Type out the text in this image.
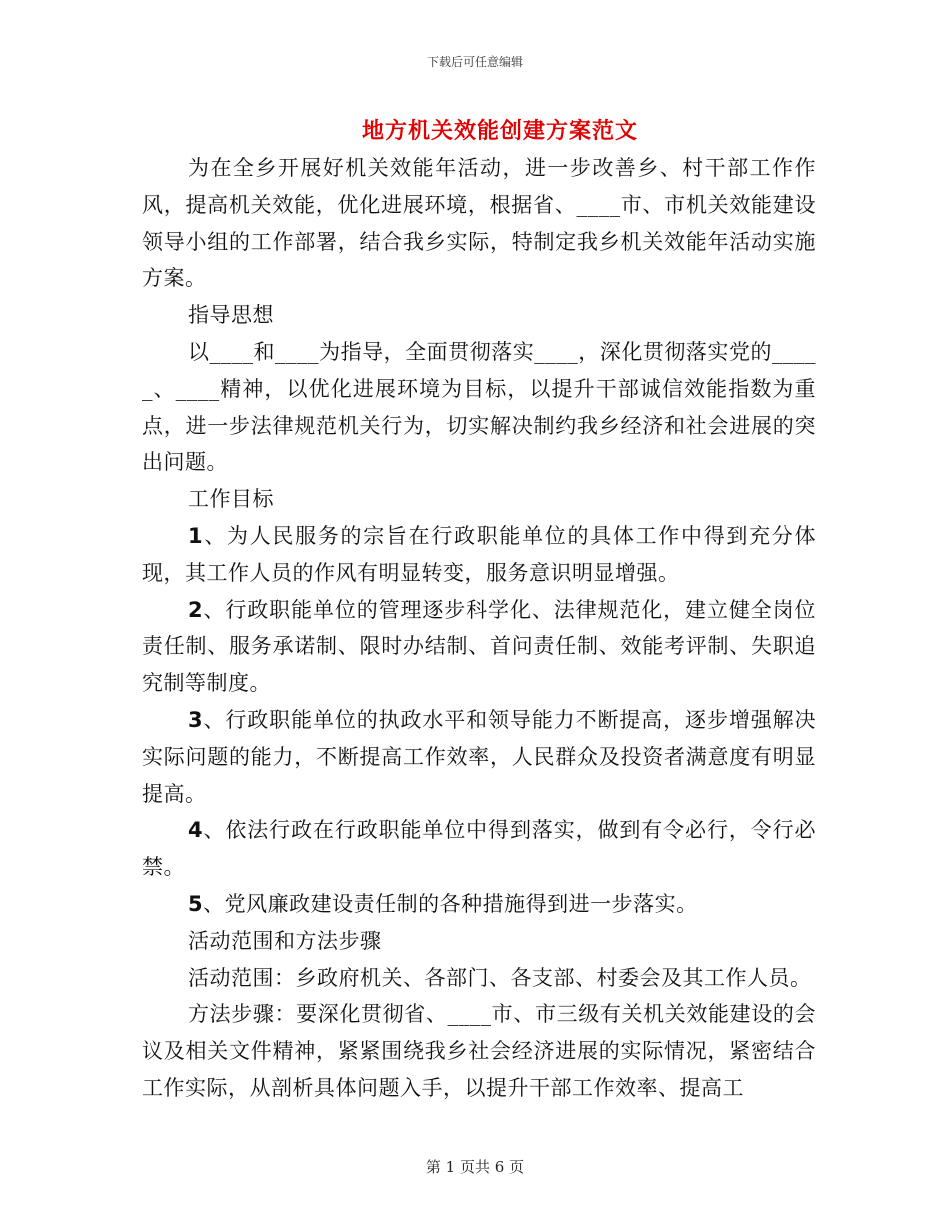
下载后可任意编辑
地方机关效能创建方案范文

为在全乡开展好机关效能年活动，进一步改善乡、村干部工作作风，提高机关效能，优化进展环境，根据省、____市、市机关效能建设领导小组的工作部署，结合我乡实际，特制定我乡机关效能年活动实施方案。

指导思想

以____和____为指导，全面贯彻落实____，深化贯彻落实党的_____、____精神，以优化进展环境为目标，以提升干部诚信效能指数为重点，进一步法律规范机关行为，切实解决制约我乡经济和社会进展的突出问题。

工作目标

1、为人民服务的宗旨在行政职能单位的具体工作中得到充分体现，其工作人员的作风有明显转变，服务意识明显增强。

2、行政职能单位的管理逐步科学化、法律规范化，建立健全岗位责任制、服务承诺制、限时办结制、首问责任制、效能考评制、失职追究制等制度。

3、行政职能单位的执政水平和领导能力不断提高，逐步增强解决实际问题的能力，不断提高工作效率，人民群众及投资者满意度有明显提高。

4、依法行政在行政职能单位中得到落实，做到有令必行，令行必禁。

5、党风廉政建设责任制的各种措施得到进一步落实。

活动范围和方法步骤

活动范围：乡政府机关、各部门、各支部、村委会及其工作人员。

方法步骤：要深化贯彻省、____市、市三级有关机关效能建设的会议及相关文件精神，紧紧围绕我乡社会经济进展的实际情况，紧密结合工作实际，从剖析具体问题入手，以提升干部工作效率、提高工

第 1 页共 6 页
